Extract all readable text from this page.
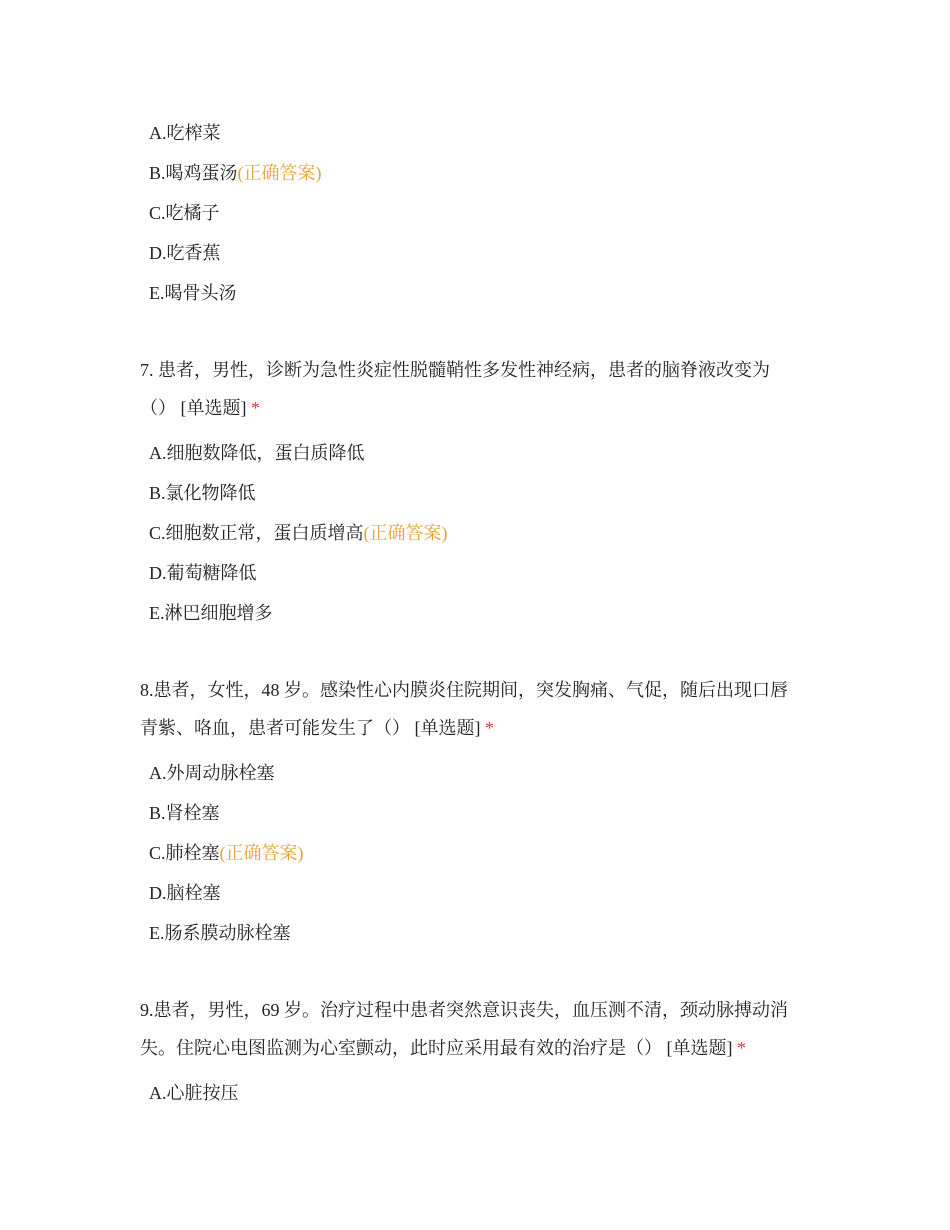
A.吃榨菜
B.喝鸡蛋汤(正确答案)
C.吃橘子
D.吃香蕉
E.喝骨头汤
7. 患者，男性，诊断为急性炎症性脱髓鞘性多发性神经病，患者的脑脊液改变为
（） [单选题] *
A.细胞数降低，蛋白质降低
B.氯化物降低
C.细胞数正常，蛋白质增高(正确答案)
D.葡萄糖降低
E.淋巴细胞增多
8.患者，女性，48 岁。感染性心内膜炎住院期间，突发胸痛、气促，随后出现口唇
青紫、咯血，患者可能发生了（） [单选题] *
A.外周动脉栓塞
B.肾栓塞
C.肺栓塞(正确答案)
D.脑栓塞
E.肠系膜动脉栓塞
9.患者，男性，69 岁。治疗过程中患者突然意识丧失，血压测不清，颈动脉搏动消
失。住院心电图监测为心室颤动，此时应采用最有效的治疗是（） [单选题] *
A.心脏按压
